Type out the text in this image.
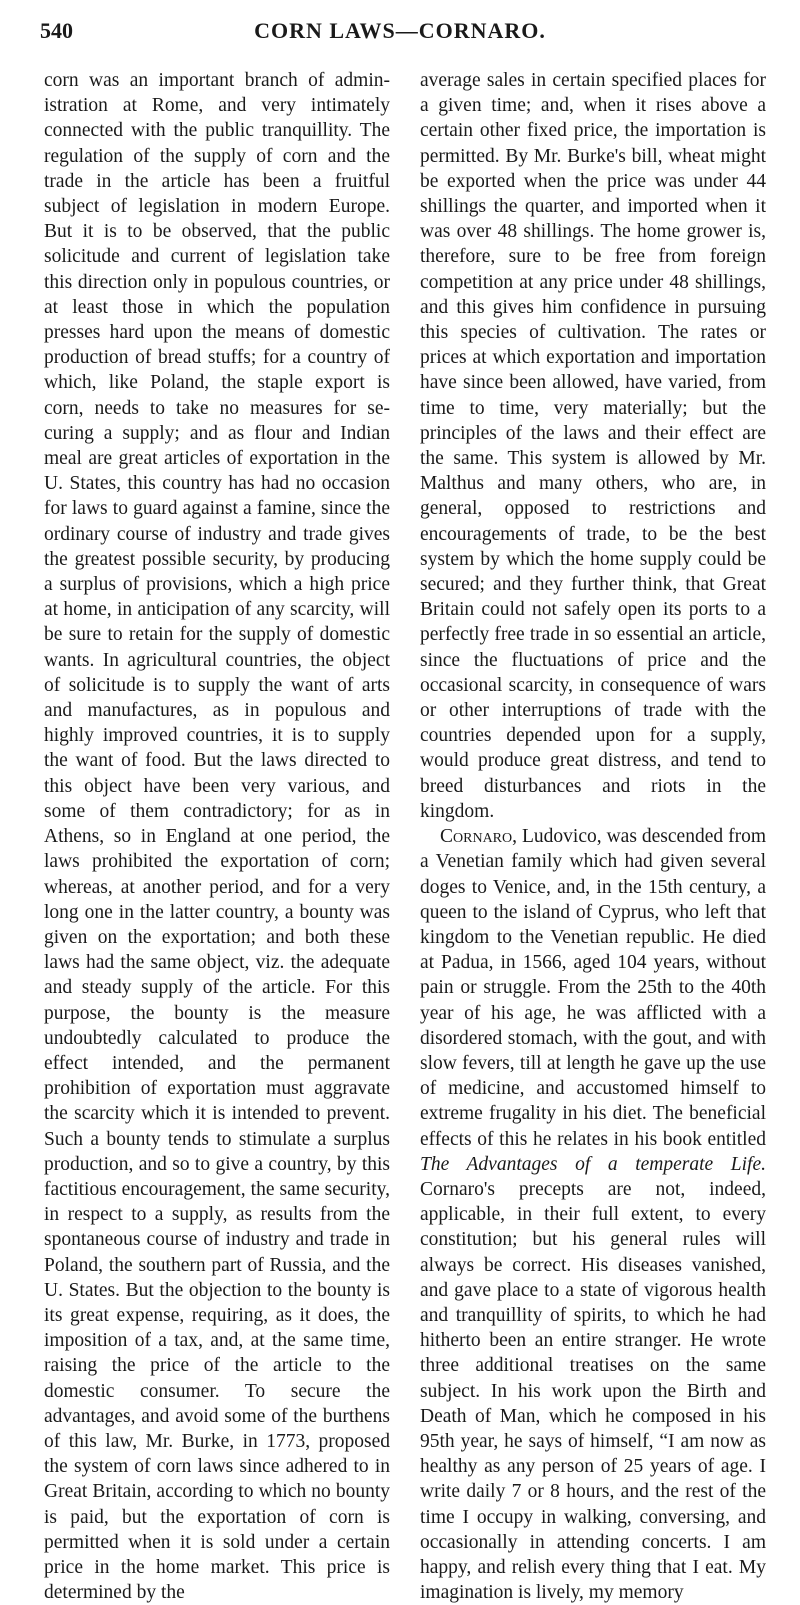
540	CORN LAWS—CORNARO.

corn was an important branch of administration at Rome, and very intimately connected with the public tranquillity. The regulation of the supply of corn and the trade in the article has been a fruitful subject of legislation in modern Europe. But it is to be observed, that the public solicitude and current of legislation take this direction only in populous countries, or at least those in which the population presses hard upon the means of domestic production of bread stuffs; for a country of which, like Poland, the staple export is corn, needs to take no measures for securing a supply; and as flour and Indian meal are great articles of exportation in the U. States, this country has had no occasion for laws to guard against a famine, since the ordinary course of industry and trade gives the greatest possible security, by producing a surplus of provisions, which a high price at home, in anticipation of any scarcity, will be sure to retain for the supply of domestic wants. In agricultural countries, the object of solicitude is to supply the want of arts and manufactures, as in populous and highly improved countries, it is to supply the want of food. But the laws directed to this object have been very various, and some of them contradictory; for as in Athens, so in England at one period, the laws prohibited the exportation of corn; whereas, at another period, and for a very long one in the latter country, a bounty was given on the exportation; and both these laws had the same object, viz. the adequate and steady supply of the article. For this purpose, the bounty is the measure undoubtedly calculated to produce the effect intended, and the permanent prohibition of exportation must aggravate the scarcity which it is intended to prevent. Such a bounty tends to stimulate a surplus production, and so to give a country, by this factitious encouragement, the same security, in respect to a supply, as results from the spontaneous course of industry and trade in Poland, the southern part of Russia, and the U. States. But the objection to the bounty is its great expense, requiring, as it does, the imposition of a tax, and, at the same time, raising the price of the article to the domestic consumer. To secure the advantages, and avoid some of the burthens of this law, Mr. Burke, in 1773, proposed the system of corn laws since adhered to in Great Britain, according to which no bounty is paid, but the exportation of corn is permitted when it is sold under a certain price in the home market. This price is determined by the

average sales in certain specified places for a given time; and, when it rises above a certain other fixed price, the importation is permitted. By Mr. Burke's bill, wheat might be exported when the price was under 44 shillings the quarter, and imported when it was over 48 shillings. The home grower is, therefore, sure to be free from foreign competition at any price under 48 shillings, and this gives him confidence in pursuing this species of cultivation. The rates or prices at which exportation and importation have since been allowed, have varied, from time to time, very materially; but the principles of the laws and their effect are the same. This system is allowed by Mr. Malthus and many others, who are, in general, opposed to restrictions and encouragements of trade, to be the best system by which the home supply could be secured; and they further think, that Great Britain could not safely open its ports to a perfectly free trade in so essential an article, since the fluctuations of price and the occasional scarcity, in consequence of wars or other interruptions of trade with the countries depended upon for a supply, would produce great distress, and tend to breed disturbances and riots in the kingdom.

Cornaro, Ludovico, was descended from a Venetian family which had given several doges to Venice, and, in the 15th century, a queen to the island of Cyprus, who left that kingdom to the Venetian republic. He died at Padua, in 1566, aged 104 years, without pain or struggle. From the 25th to the 40th year of his age, he was afflicted with a disordered stomach, with the gout, and with slow fevers, till at length he gave up the use of medicine, and accustomed himself to extreme frugality in his diet. The beneficial effects of this he relates in his book entitled The Advantages of a temperate Life. Cornaro's precepts are not, indeed, applicable, in their full extent, to every constitution; but his general rules will always be correct. His diseases vanished, and gave place to a state of vigorous health and tranquillity of spirits, to which he had hitherto been an entire stranger. He wrote three additional treatises on the same subject. In his work upon the Birth and Death of Man, which he composed in his 95th year, he says of himself, “I am now as healthy as any person of 25 years of age. I write daily 7 or 8 hours, and the rest of the time I occupy in walking, conversing, and occasionally in attending concerts. I am happy, and relish every thing that I eat. My imagination is lively, my memory
